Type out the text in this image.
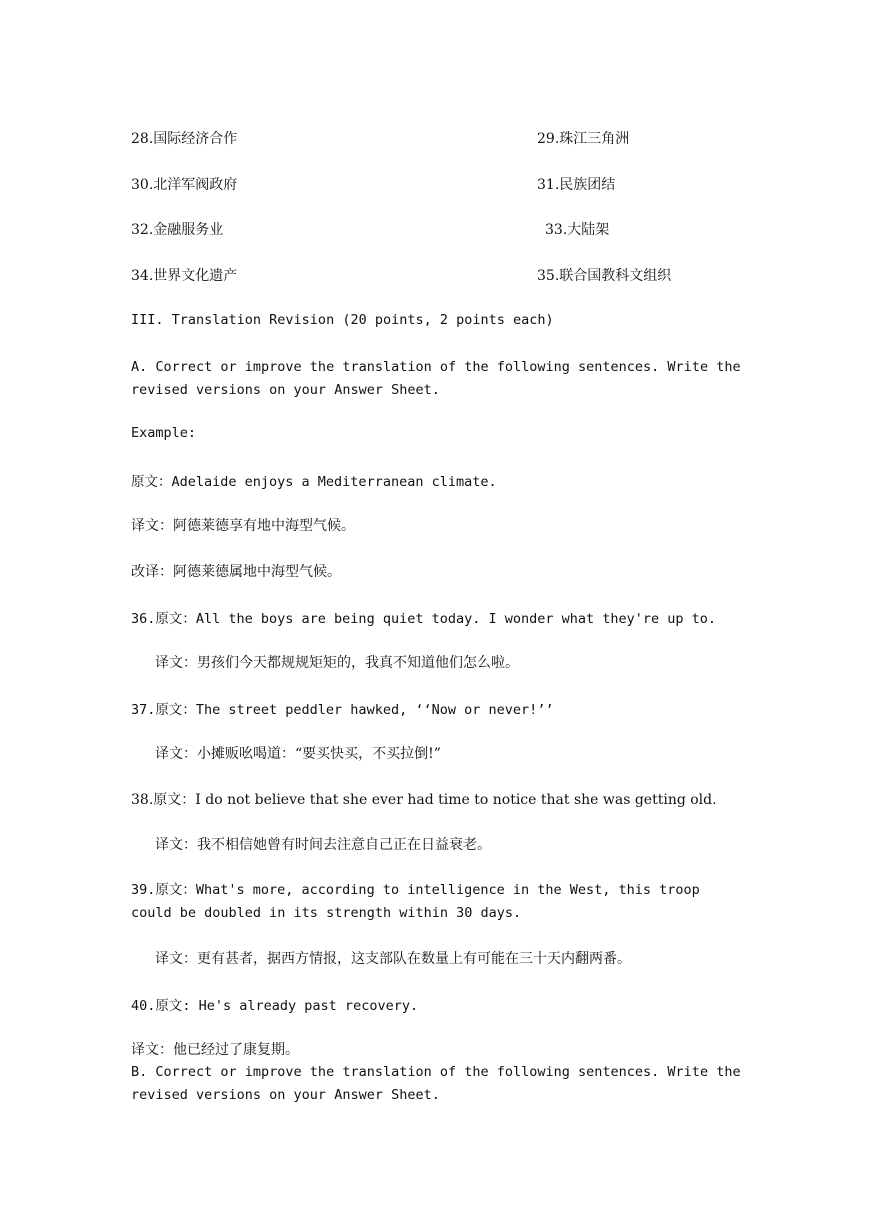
28.国际经济合作	29.珠江三角洲
30.北洋军阀政府	31.民族团结
32.金融服务业	33.大陆架
34.世界文化遗产	35.联合国教科文组织
III. Translation Revision (20 points, 2 points each)
A. Correct or improve the translation of the following sentences. Write the revised versions on your Answer Sheet.
Example:
原文：Adelaide enjoys a Mediterranean climate.
译文：阿德莱德享有地中海型气候。
改译：阿德莱德属地中海型气候。
36.原文：All the boys are being quiet today. I wonder what they're up to.
译文：男孩们今天都规规矩矩的，我真不知道他们怎么啦。
37.原文：The street peddler hawked, ‘‘Now or never!’’
译文：小摊贩吆喝道：“要买快买，不买拉倒!”
38.原文：I do not believe that she ever had time to notice that she was getting old.
译文：我不相信她曾有时间去注意自己正在日益衰老。
39.原文：What's more, according to intelligence in the West, this troop could be doubled in its strength within 30 days.
译文：更有甚者，据西方情报，这支部队在数量上有可能在三十天内翻两番。
40.原文: He's already past recovery.
译文：他已经过了康复期。
B. Correct or improve the translation of the following sentences. Write the revised versions on your Answer Sheet.
